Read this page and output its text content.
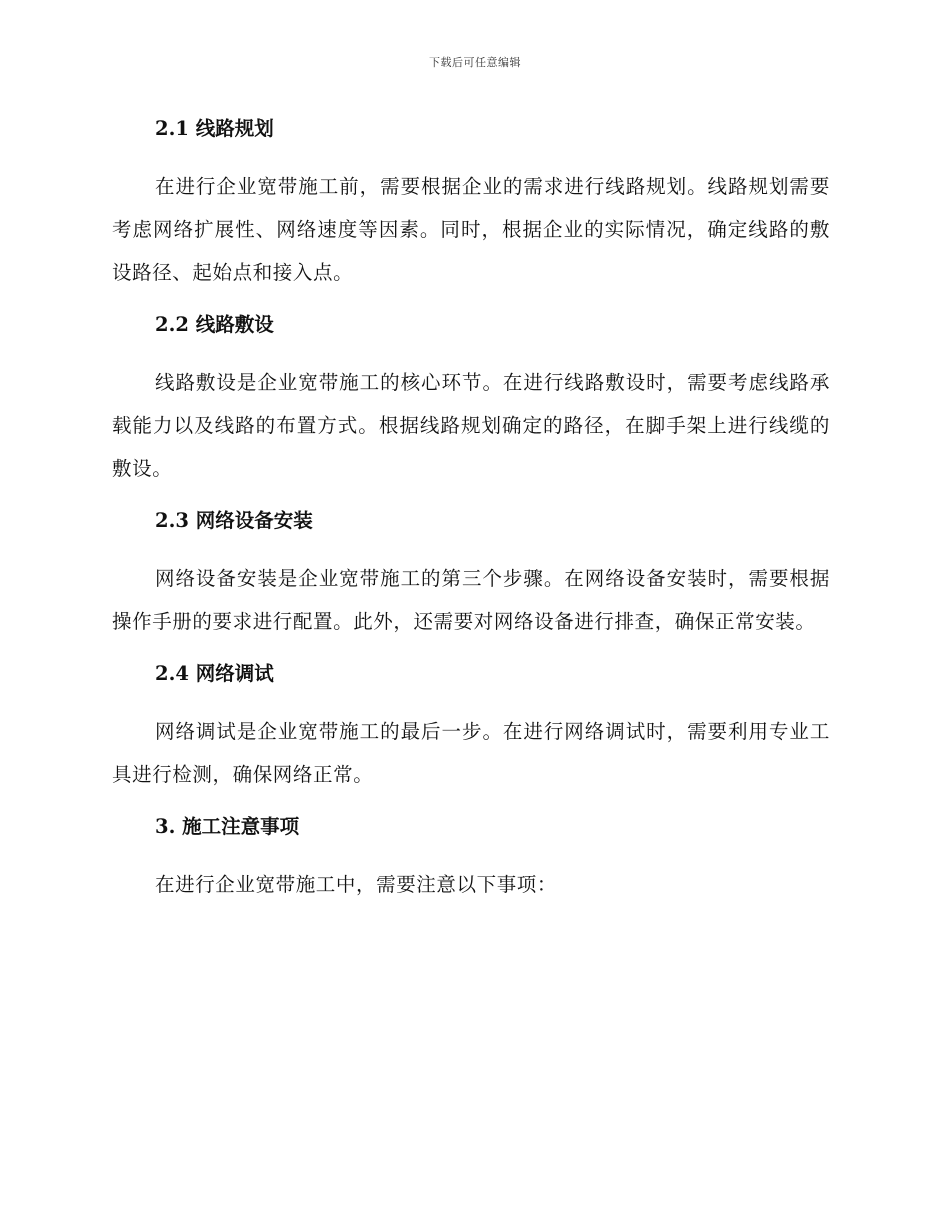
下载后可任意编辑
2.1 线路规划

在进行企业宽带施工前，需要根据企业的需求进行线路规划。线路规划需要考虑网络扩展性、网络速度等因素。同时，根据企业的实际情况，确定线路的敷设路径、起始点和接入点。

2.2 线路敷设

线路敷设是企业宽带施工的核心环节。在进行线路敷设时，需要考虑线路承载能力以及线路的布置方式。根据线路规划确定的路径，在脚手架上进行线缆的敷设。

2.3 网络设备安装

网络设备安装是企业宽带施工的第三个步骤。在网络设备安装时，需要根据操作手册的要求进行配置。此外，还需要对网络设备进行排查，确保正常安装。

2.4 网络调试

网络调试是企业宽带施工的最后一步。在进行网络调试时，需要利用专业工具进行检测，确保网络正常。

3. 施工注意事项

在进行企业宽带施工中，需要注意以下事项：
